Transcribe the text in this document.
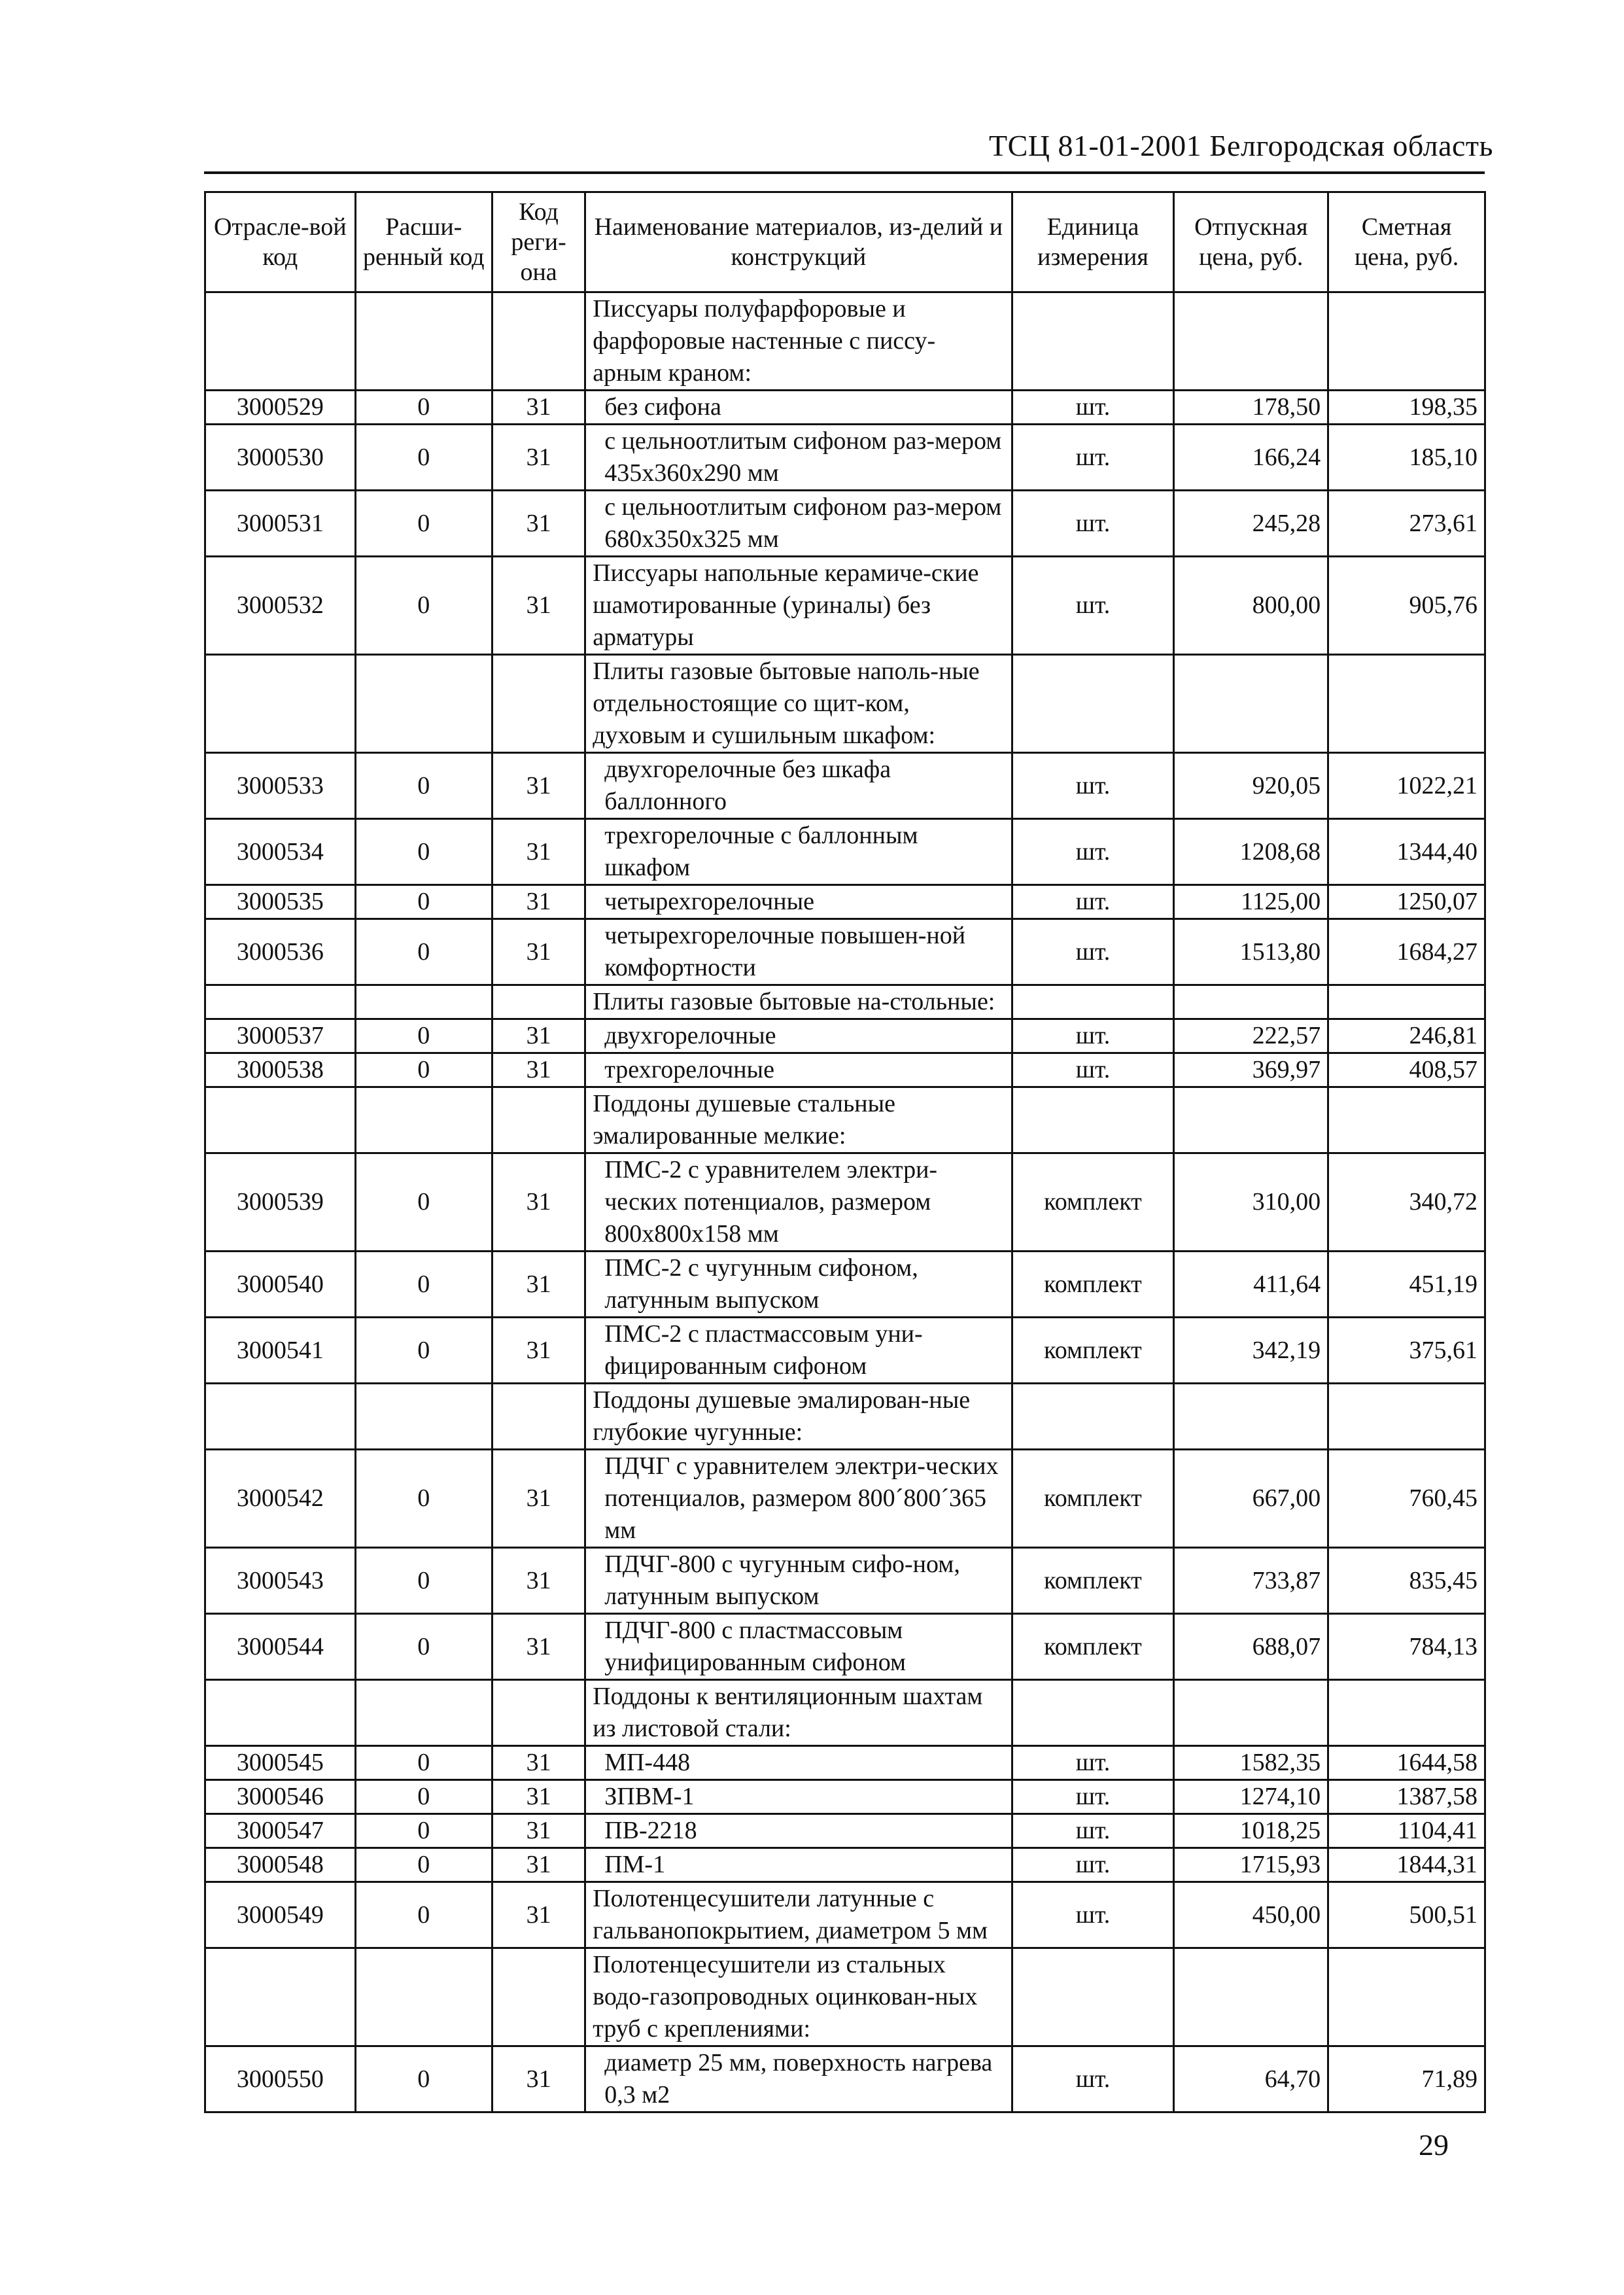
ТСЦ 81-01-2001 Белгородская область
Отрасле-вой код	Расши-ренный код	Код реги-она	Наименование материалов, из-делий и конструкций	Единица измерения	Отпускная цена, руб.	Сметная цена, руб.
			Писсуары полуфарфоровые и фарфоровые настенные с писсу-арным краном:			
3000529	0	31	без сифона	шт.	178,50	198,35
3000530	0	31	с цельноотлитым сифоном раз-мером 435х360х290 мм	шт.	166,24	185,10
3000531	0	31	с цельноотлитым сифоном раз-мером 680х350х325 мм	шт.	245,28	273,61
3000532	0	31	Писсуары напольные керамиче-ские шамотированные (уриналы) без арматуры	шт.	800,00	905,76
			Плиты газовые бытовые наполь-ные отдельностоящие со щит-ком, духовым и сушильным шкафом:			
3000533	0	31	двухгорелочные без шкафа баллонного	шт.	920,05	1022,21
3000534	0	31	трехгорелочные с баллонным шкафом	шт.	1208,68	1344,40
3000535	0	31	четырехгорелочные	шт.	1125,00	1250,07
3000536	0	31	четырехгорелочные повышен-ной комфортности	шт.	1513,80	1684,27
			Плиты газовые бытовые на-стольные:			
3000537	0	31	двухгорелочные	шт.	222,57	246,81
3000538	0	31	трехгорелочные	шт.	369,97	408,57
			Поддоны душевые стальные эмалированные мелкие:			
3000539	0	31	ПМС-2 с уравнителем электри-ческих потенциалов, размером 800х800х158 мм	комплект	310,00	340,72
3000540	0	31	ПМС-2 с чугунным сифоном, латунным выпуском	комплект	411,64	451,19
3000541	0	31	ПМС-2 с пластмассовым уни-фицированным сифоном	комплект	342,19	375,61
			Поддоны душевые эмалирован-ные глубокие чугунные:			
3000542	0	31	ПДЧГ с уравнителем электри-ческих потенциалов, размером 800´800´365 мм	комплект	667,00	760,45
3000543	0	31	ПДЧГ-800 с чугунным сифо-ном, латунным выпуском	комплект	733,87	835,45
3000544	0	31	ПДЧГ-800 с пластмассовым унифицированным сифоном	комплект	688,07	784,13
			Поддоны к вентиляционным шахтам из листовой стали:			
3000545	0	31	МП-448	шт.	1582,35	1644,58
3000546	0	31	ЗПВМ-1	шт.	1274,10	1387,58
3000547	0	31	ПВ-2218	шт.	1018,25	1104,41
3000548	0	31	ПМ-1	шт.	1715,93	1844,31
3000549	0	31	Полотенцесушители латунные с гальванопокрытием, диаметром 5 мм	шт.	450,00	500,51
			Полотенцесушители из стальных водо-газопроводных оцинкован-ных труб с креплениями:			
3000550	0	31	диаметр 25 мм, поверхность нагрева 0,3 м2	шт.	64,70	71,89
29
